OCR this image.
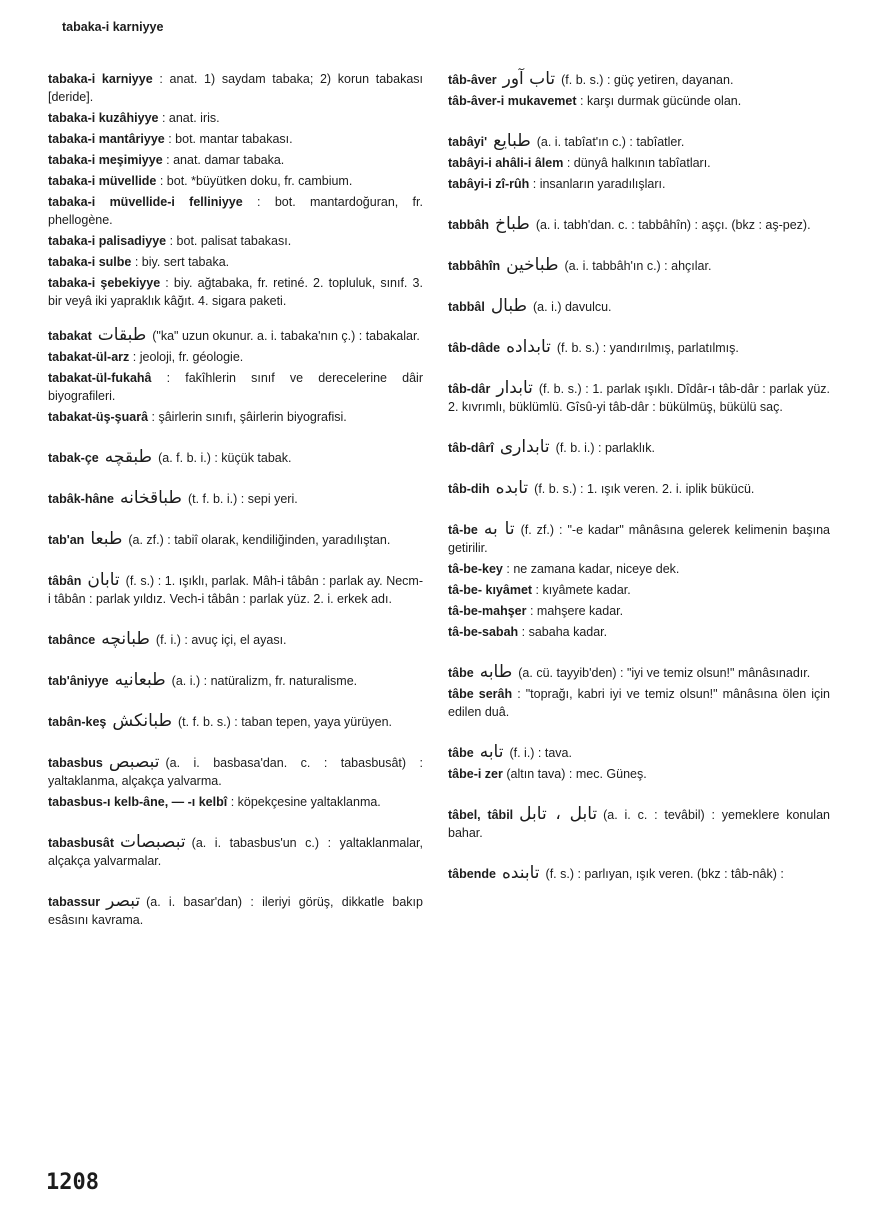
tabaka-i karniyye
tabaka-i karniyye : anat. 1) saydam tabaka; 2) korun tabakası [deride].
tabaka-i kuzâhiyye : anat. iris.
tabaka-i mantâriyye : bot. mantar tabakası.
tabaka-i meşimiyye : anat. damar tabaka.
tabaka-i müvellide : bot. *büyütken doku, fr. cambium.
tabaka-i müvellide-i felliniyye : bot. mantardoğuran, fr. phellogène.
tabaka-i palisadiyye : bot. palisat tabakası.
tabaka-i sulbe : biy. sert tabaka.
tabaka-i şebekiyye : biy. ağtabaka, fr. retiné. 2. topluluk, sınıf. 3. bir veyâ iki yapraklık kâğıt. 4. sigara paketi.
tabakat طبقات ("ka" uzun okunur. a. i. tabaka'nın ç.) : tabakalar.
tabakat-ül-arz : jeoloji, fr. géologie.
tabakat-ül-fukahâ : fakîhlerin sınıf ve derecelerine dâir biyografileri.
tabakat-üş-şuarâ : şâirlerin sınıfı, şâirlerin biyografisi.
tabak-çe طبقچه (a. f. b. i.) : küçük tabak.
tabâk-hâne طباقخانه (t. f. b. i.) : sepi yeri.
tab'an طبعا (a. zf.) : tabiî olarak, kendiliğinden, yaradılıştan.
tâbân تابان (f. s.) : 1. ışıklı, parlak. Mâh-i tâbân : parlak ay. Necm-i tâbân : parlak yıldız. Vech-i tâbân : parlak yüz. 2. i. erkek adı.
tabânce طبانچه (f. i.) : avuç içi, el ayası.
tab'âniyye طبعانیه (a. i.) : natüralizm, fr. naturalisme.
tabân-keş طبانکش (t. f. b. s.) : taban tepen, yaya yürüyen.
tabasbus تبصبص (a. i. basbasa'dan. c. : tabasbusât) : yaltaklanma, alçakça yalvarma.
tabasbus-ı kelb-âne, — -ı kelbî : köpekçesine yaltaklanma.
tabasbusât تبصبصات (a. i. tabasbus'un c.) : yaltaklanmalar, alçakça yalvarmalar.
tabassur تبصر (a. i. basar'dan) : ileriyi görüş, dikkatle bakıp esâsını kavrama.
tâb-âver تاب آور (f. b. s.) : güç yetiren, dayanan.
tâb-âver-i mukavemet : karşı durmak gücünde olan.
tabâyi' طبایع (a. i. tabîat'ın c.) : tabîatler.
tabâyi-i ahâli-i âlem : dünyâ halkının tabîatları.
tabâyi-i zî-rûh : insanların yaradılışları.
tabbâh طباخ (a. i. tabh'dan. c. : tabbâhîn) : aşçı. (bkz : aş-pez).
tabbâhîn طباخين (a. i. tabbâh'ın c.) : ahçılar.
tabbâl طبال (a. i.) davulcu.
tâb-dâde تابداده (f. b. s.) : yandırılmış, parlatılmış.
tâb-dâr تابدار (f. b. s.) : 1. parlak ışıklı. Dîdâr-ı tâb-dâr : parlak yüz. 2. kıvrımlı, büklümlü. Gîsû-yi tâb-dâr : bükülmüş, bükülü saç.
tâb-dârî تابداری (f. b. i.) : parlaklık.
tâb-dih تابده (f. b. s.) : 1. ışık veren. 2. i. iplik bükücü.
tâ-be تا به (f. zf.) : "-e kadar" mânâsına gelerek kelimenin başına getirilir.
tâ-be-key : ne zamana kadar, niceye dek.
tâ-be- kıyâmet : kıyâmete kadar.
tâ-be-mahşer : mahşere kadar.
tâ-be-sabah : sabaha kadar.
tâbe طابه (a. cü. tayyib'den) : "iyi ve temiz olsun!" mânâsınadır.
tâbe serâh : "toprağı, kabri iyi ve temiz olsun!" mânâsına ölen için edilen duâ.
tâbe تابه (f. i.) : tava.
tâbe-i zer (altın tava) : mec. Güneş.
tâbel, tâbil تابل ، تابل (a. i. c. : tevâbil) : yemeklere konulan bahar.
tâbende تابنده (f. s.) : parlıyan, ışık veren. (bkz : tâb-nâk) :
1208
